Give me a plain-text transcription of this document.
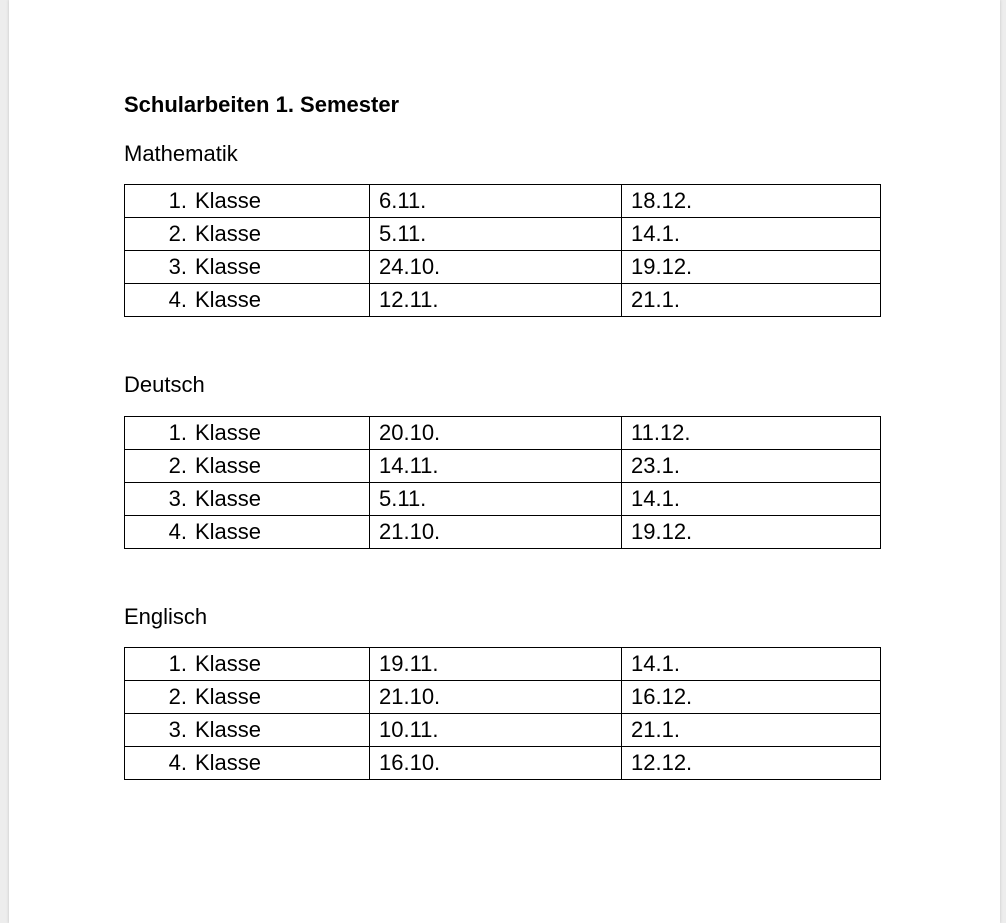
Schularbeiten 1. Semester
Mathematik
1. Klasse	6.11.	18.12.
2. Klasse	5.11.	14.1.
3. Klasse	24.10.	19.12.
4. Klasse	12.11.	21.1.
Deutsch
1. Klasse	20.10.	11.12.
2. Klasse	14.11.	23.1.
3. Klasse	5.11.	14.1.
4. Klasse	21.10.	19.12.
Englisch
1. Klasse	19.11.	14.1.
2. Klasse	21.10.	16.12.
3. Klasse	10.11.	21.1.
4. Klasse	16.10.	12.12.
